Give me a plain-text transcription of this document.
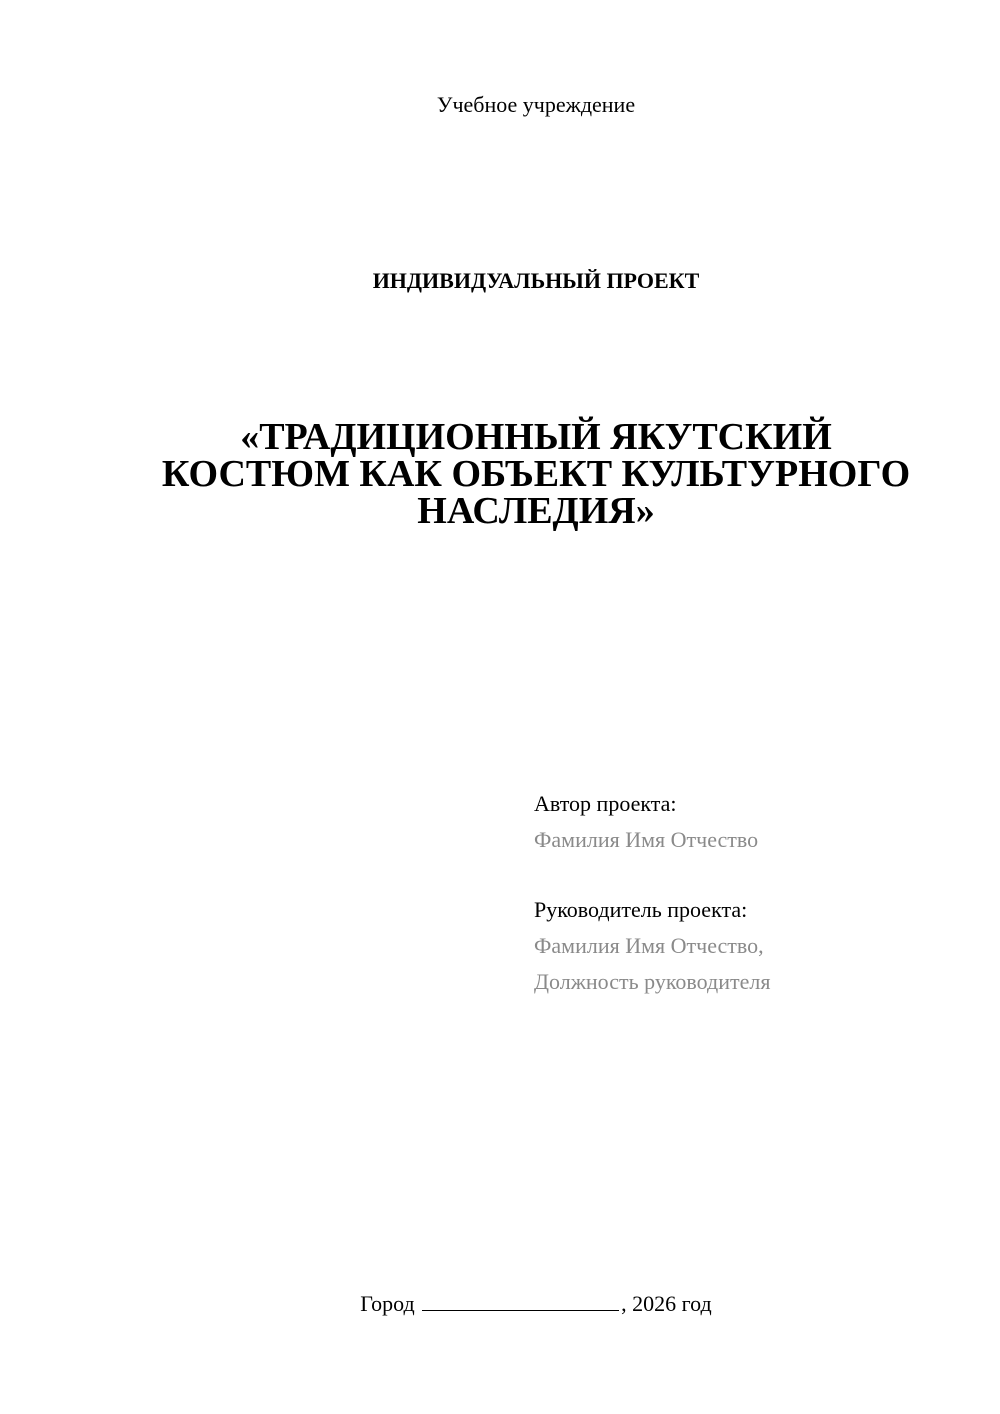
Учебное учреждение
ИНДИВИДУАЛЬНЫЙ ПРОЕКТ
«ТРАДИЦИОННЫЙ ЯКУТСКИЙ
КОСТЮМ КАК ОБЪЕКТ КУЛЬТУРНОГО
НАСЛЕДИЯ»
Автор проекта:
Фамилия Имя Отчество
Руководитель проекта:
Фамилия Имя Отчество,
Должность руководителя
Город	, 2026 год
